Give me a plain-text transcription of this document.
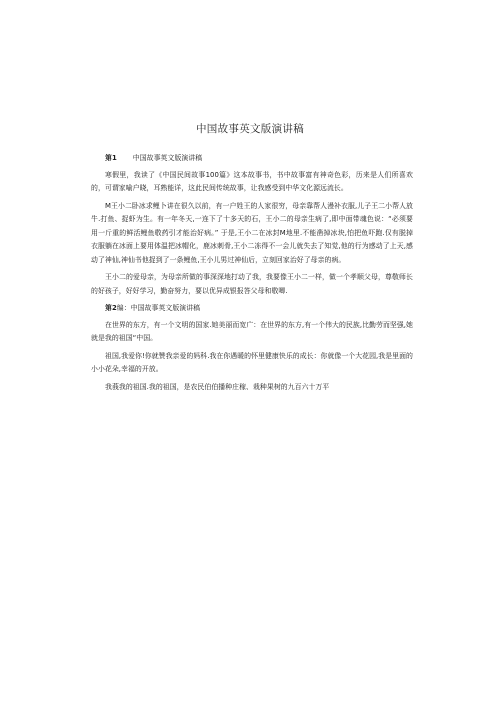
中国故事英文版演讲稿
第1 中国故事英文版演讲稿

寒假里，我读了《中国民间故事100篇》这本故事书，书中故事富有神奇色彩，历来是人们所喜欢的，可谓家喻户晓，耳熟能详，这此民间传统故事，让我感受到中华文化源远流长。

M王小二卧冰求鲤卜讲在很久以前，有一户姓王的人家很穷，母亲靠帮人漫补衣服,儿子王二小帮人放牛.打鱼、捉虾为生。有一年冬天,一连下了十多天的石，王小二的母亲生病了,即中面带魂色说：“必须要用一斤重的鲜活鲤鱼敬药引才能治好病。” 于是,王小二在冰封M地里.不能凿掉冰块,怕把鱼吓跑.仅有脱掉衣服躺在冰面上要用体温把冰帽化，鹿冰刺骨,王小二冻得不一会儿就失去了知觉,他的行为感动了上天,感动了神仙,神仙书他捉到了一条鲤鱼,王小儿男过神仙后，立刻回家治好了母亲的病。

王小二的爱母亲，为母亲所做的事深深地打动了我，我要像王小二一样，做一个孝顺父母，尊敬师长的好孩子，好好学习，勤奋努力，要以优异成银报答父母和敬唧.

第2编：中国故事英文版演讲稿

在世界的东方，有一个文明的国家.她美丽而宽广：在世界的东方,有一个伟大的民族,比勤劳而坚强,她就是我的祖国“中国。

祖国,我爱你!你就赞我亲爱的妈科.我在你遇暖的怀里健康快乐的成长：你就像一个大花园,我是里面的小小花朵,幸福的开放。

我莪我的祖国.我的祖国，是农民伯伯播种庄稼、栽种果树的九百六十万平
